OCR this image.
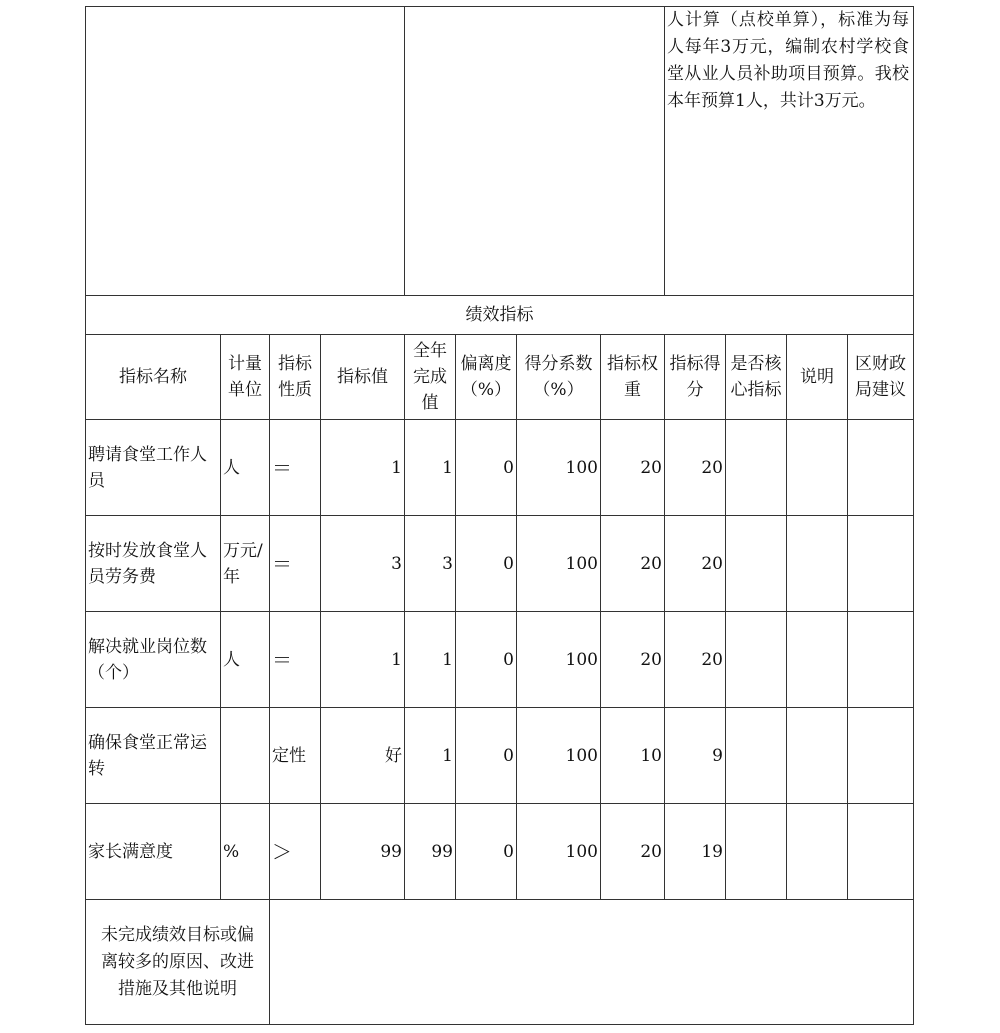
								人计算（点校单算），标准为每人每年3万元，编制农村学校食堂从业人员补助项目预算。我校本年预算1人，共计3万元。			

绩效指标											
指标名称	计量单位	指标性质	指标值	全年完成值	偏离度（%）	得分系数（%）	指标权重	指标得分	是否核心指标	说明	区财政局建议
聘请食堂工作人员	人	＝	1	1	0	100	20	20			
按时发放食堂人员劳务费	万元/年	＝	3	3	0	100	20	20			
解决就业岗位数（个）	人	＝	1	1	0	100	20	20			
确保食堂正常运转		定性	好	1	0	100	10	9			
家长满意度	%	＞	99	99	0	100	20	19			
未完成绩效目标或偏离较多的原因、改进措施及其他说明											
